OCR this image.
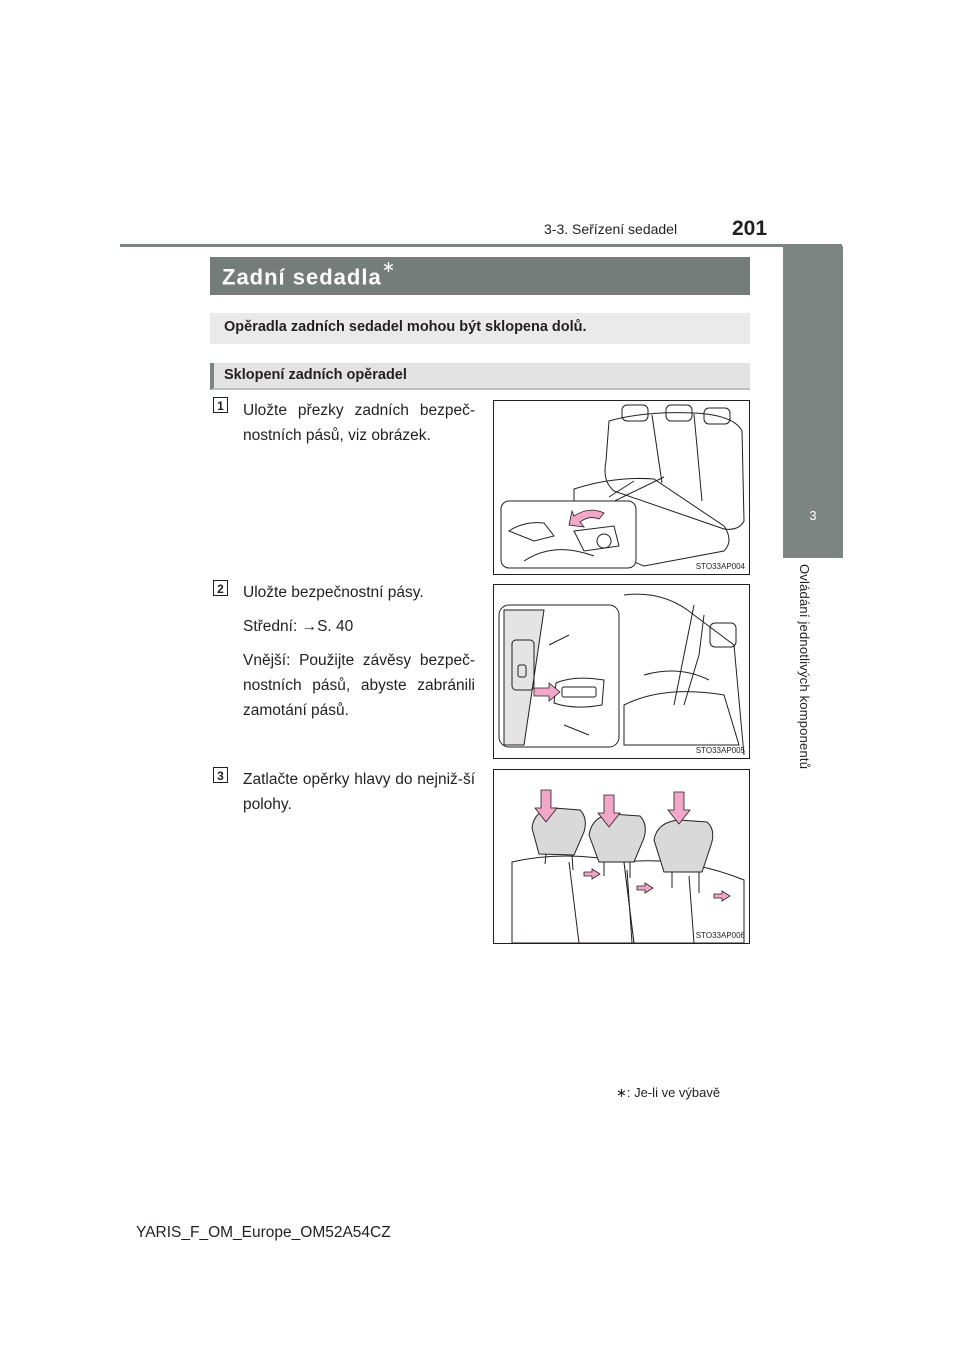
3-3. Seřízení sedadel	201
3
Ovládání jednotlivých komponentů
Zadní sedadla∗
Opěradla zadních sedadel mohou být sklopena dolů.
Sklopení zadních opěradel
1 Uložte přezky zadních bezpeč-nostních pásů, viz obrázek.

STO33AP004
2 Uložte bezpečnostní pásy.

Střední: →S. 40

Vnější: Použijte závěsy bezpeč-nostních pásů, abyste zabránili zamotání pásů.

STO33AP005
3 Zatlačte opěrky hlavy do nejniž-ší polohy.

STO33AP006
∗: Je-li ve výbavě
YARIS_F_OM_Europe_OM52A54CZ
